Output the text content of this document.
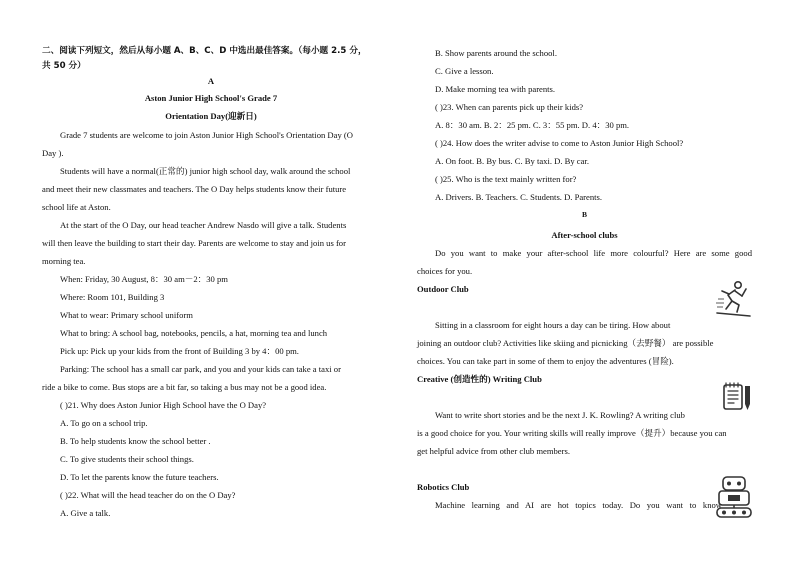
二、阅读下列短文，然后从每小题 A、B、C、D 中选出最佳答案。（每小题 2.5 分，
共 50 分）
A
Aston Junior High School's Grade 7
Orientation Day(迎新日)
Grade 7 students are welcome to join Aston Junior High School's Orientation Day (O
Day ).
Students will have a normal(正常的) junior high school day, walk around the school
and meet their new classmates and teachers. The O Day helps students know their future
school life at Aston.
At the start of the O Day, our head teacher Andrew Nasdo will give a talk. Students
will then leave the building to start their day. Parents are welcome to stay and join us for
morning tea.
When: Friday, 30 August, 8：30 am－2：30 pm
Where: Room 101, Building 3
What to wear: Primary school uniform
What to bring: A school bag, notebooks, pencils, a hat, morning tea and lunch
Pick up: Pick up your kids from the front of Building 3 by 4：00 pm.
Parking: The school has a small car park, and you and your kids can take a taxi or
ride a bike to come. Bus stops are a bit far, so taking a bus may not be a good idea.
( )21. Why does Aston Junior High School have the O Day?
A. To go on a school trip.
B. To help students know the school better .
C. To give students their school things.
D. To let the parents know the future teachers.
( )22. What will the head teacher do on the O Day?
A. Give a talk.
B. Show parents around the school.
C. Give a lesson.
D. Make morning tea with parents.
( )23. When can parents pick up their kids?
A. 8：30 am. B. 2：25 pm. C. 3：55 pm. D. 4：30 pm.
( )24. How does the writer advise to come to Aston Junior High School?
A. On foot. B. By bus. C. By taxi. D. By car.
( )25. Who is the text mainly written for?
A. Drivers. B. Teachers. C. Students. D. Parents.
B
After-school clubs
Do you want to make your after-school life more colourful? Here are some good
choices for you.
Outdoor Club
Sitting in a classroom for eight hours a day can be tiring. How about
joining an outdoor club? Activities like skiing and picnicking（去野餐） are possible
choices. You can take part in some of them to enjoy the adventures (冒险).
Creative (创造性的) Writing Club
Want to write short stories and be the next J. K. Rowling? A writing club
is a good choice for you. Your writing skills will really improve（提升）because you can
get helpful advice from other club members.
Robotics Club
Machine learning and AI are hot topics today. Do you want to know
